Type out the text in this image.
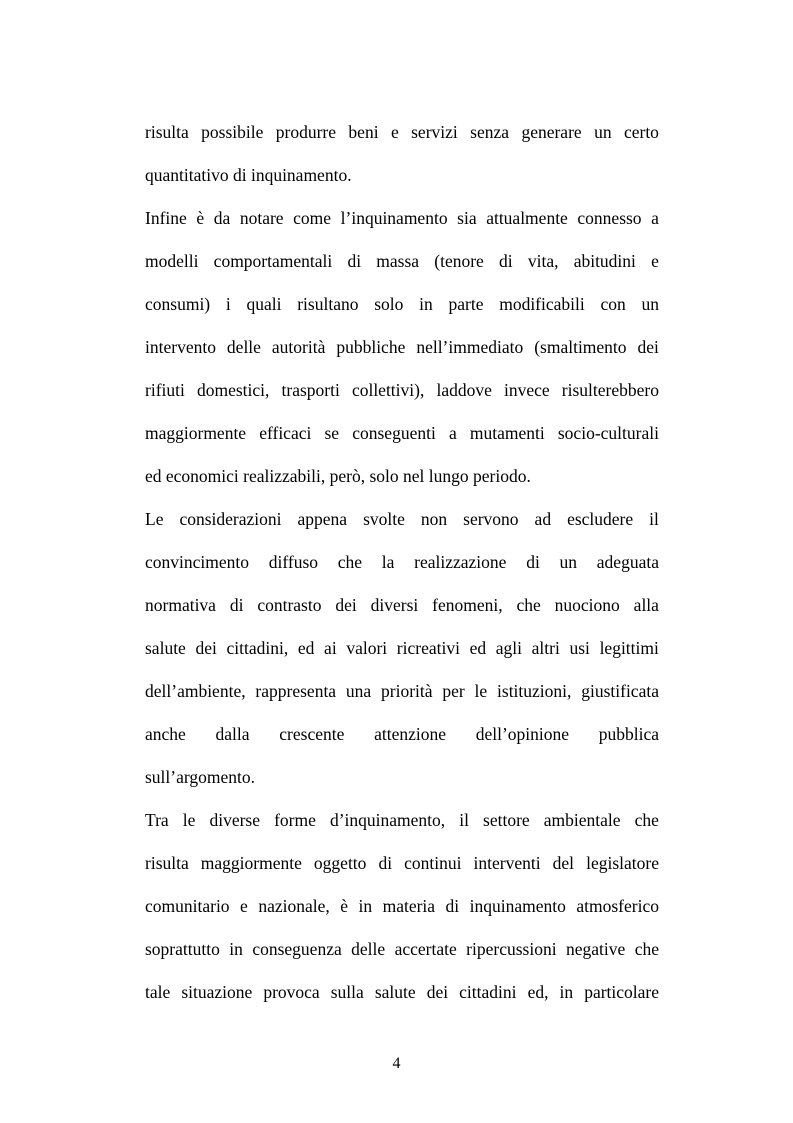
risulta possibile produrre beni e servizi senza generare un certo
quantitativo di inquinamento.
Infine è da notare come l’inquinamento sia attualmente connesso a
modelli comportamentali di massa (tenore di vita, abitudini e
consumi) i quali risultano solo in parte modificabili con un
intervento delle autorità pubbliche nell’immediato (smaltimento dei
rifiuti domestici, trasporti collettivi), laddove invece risulterebbero
maggiormente efficaci se conseguenti a mutamenti socio-culturali
ed economici realizzabili, però, solo nel lungo periodo.
Le considerazioni appena svolte non servono ad escludere il
convincimento diffuso che la realizzazione di un adeguata
normativa di contrasto dei diversi fenomeni, che nuociono alla
salute dei cittadini, ed ai valori ricreativi ed agli altri usi legittimi
dell’ambiente, rappresenta una priorità per le istituzioni, giustificata
anche dalla crescente attenzione dell’opinione pubblica
sull’argomento.
Tra le diverse forme d’inquinamento, il settore ambientale che
risulta maggiormente oggetto di continui interventi del legislatore
comunitario e nazionale, è in materia di inquinamento atmosferico
soprattutto in conseguenza delle accertate ripercussioni negative che
tale situazione provoca sulla salute dei cittadini ed, in particolare
4
